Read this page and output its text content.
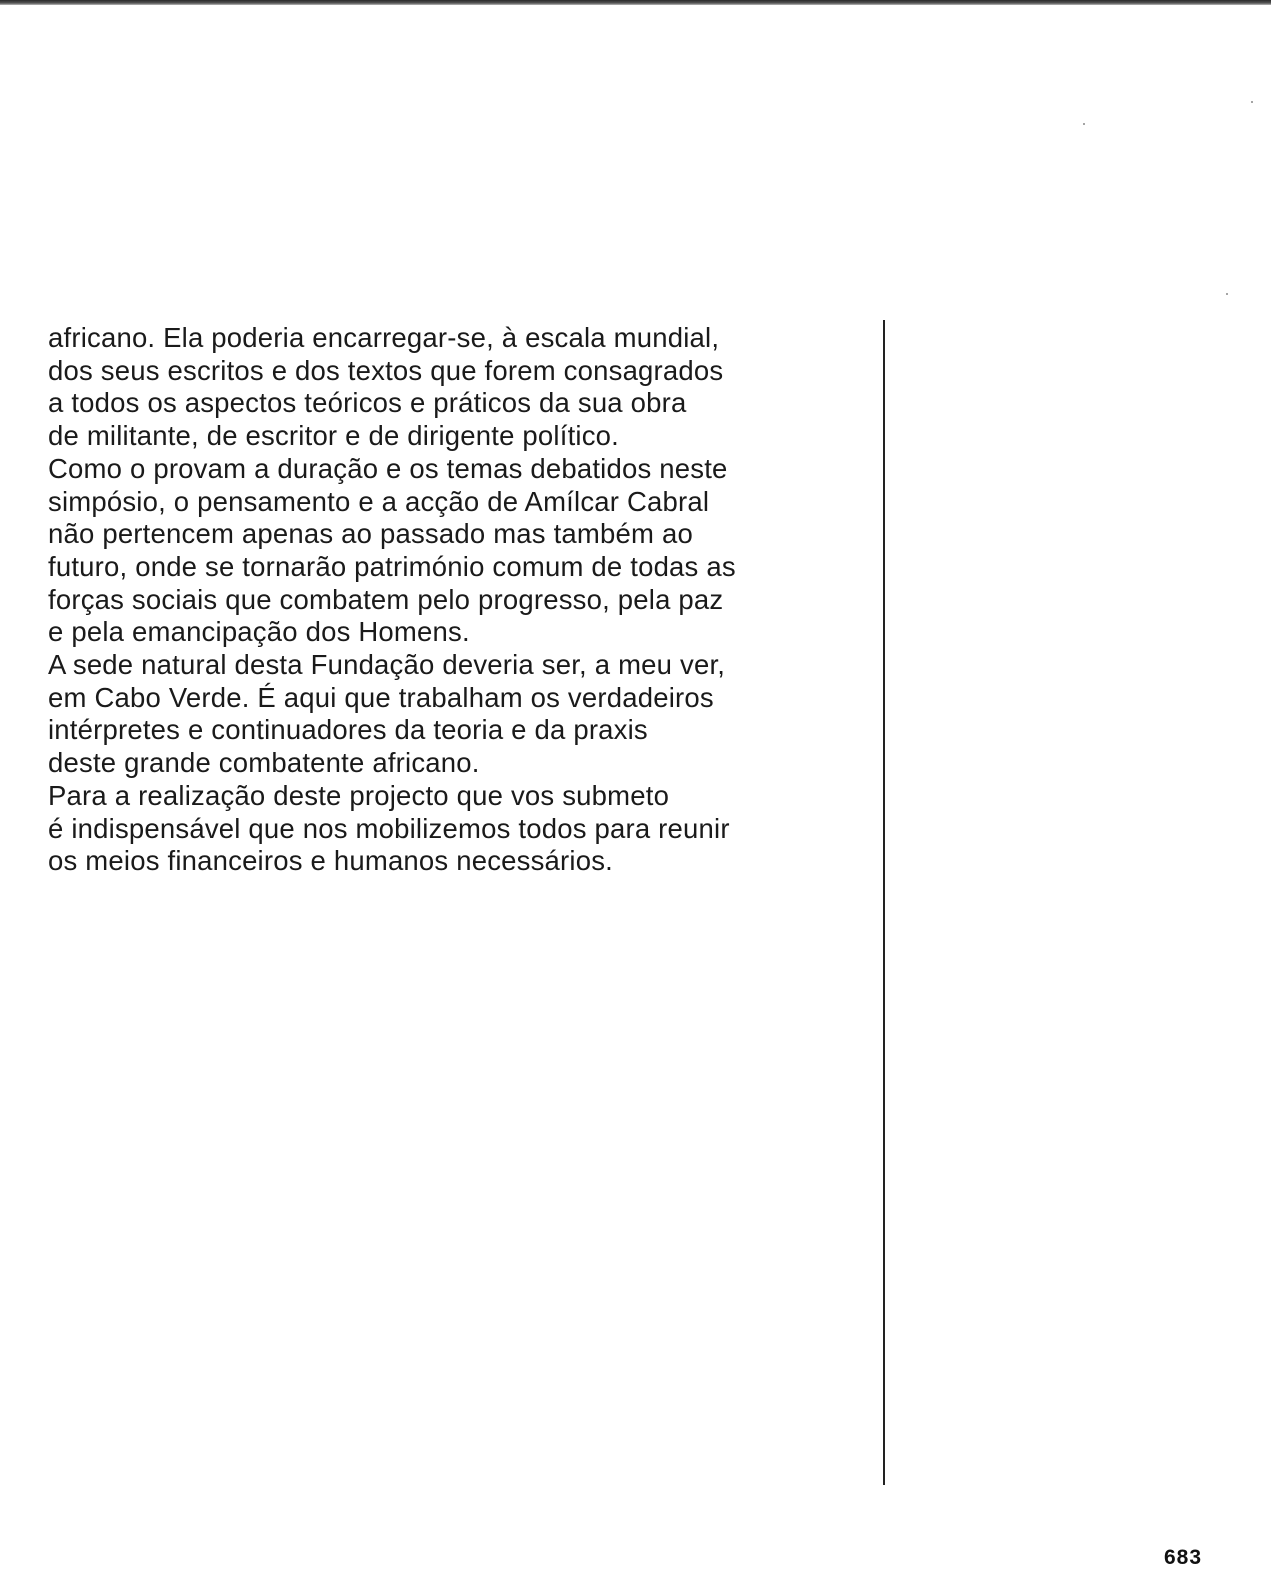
africano. Ela poderia encarregar-se, à escala mundial,
dos seus escritos e dos textos que forem consagrados
a todos os aspectos teóricos e práticos da sua obra
de militante, de escritor e de dirigente político.
Como o provam a duração e os temas debatidos neste
simpósio, o pensamento e a acção de Amílcar Cabral
não pertencem apenas ao passado mas também ao
futuro, onde se tornarão património comum de todas as
forças sociais que combatem pelo progresso, pela paz
e pela emancipação dos Homens.
A sede natural desta Fundação deveria ser, a meu ver,
em Cabo Verde. É aqui que trabalham os verdadeiros
intérpretes e continuadores da teoria e da praxis
deste grande combatente africano.
Para a realização deste projecto que vos submeto
é indispensável que nos mobilizemos todos para reunir
os meios financeiros e humanos necessários.
683
